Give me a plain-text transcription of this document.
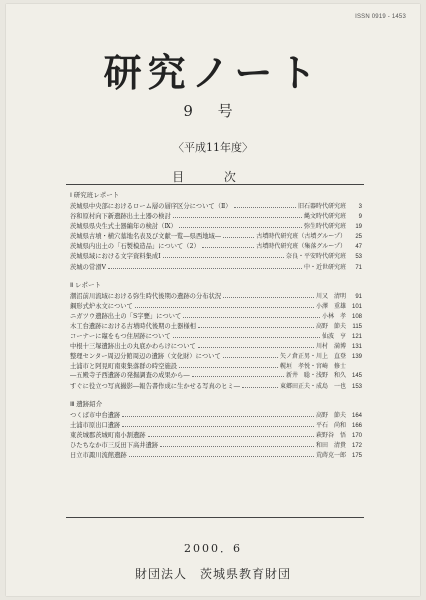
ISSN 0919 - 1453
研究ノート
9 号
〈平成11年度〉
目 次
Ⅰ 研究班レポート
茨城県中央部におけるローム層の層序区分について（Ⅱ）	旧石器時代研究班	3
谷和原村向下新遺跡出土土器の検討	縄文時代研究班	9
茨城県県央生式土器編年の検討（Ⅸ）	弥生時代研究班	19
茨城県古墳・横穴墓地名表及び文献一覧―県西地域―	古墳時代研究班（古墳グループ）	25
茨城県内出土の「石製模造品」について（2）	古墳時代研究班（集落グループ）	47
茨城県域における文字資料集成Ⅰ	奈良・平安時代研究班	53
茨城の常滑Ⅴ	中・近世研究班	71
Ⅱ レポート
潮沼前川流域における弥生時代後期の遺跡の分布状況	川又　清明	91
鋼形式炉永文について	小澤　重雄 101
ニガツウ遺跡出土の「S字甕」について	小林　孝 108
木工台遺跡における古墳時代後期の土器様相	高野　節夫	115
コーナーに竈をもつ住居跡について	仙波　亨 121
中根十三塚遺跡出土の丸底かわらけについて	川村　満博 131
整理センター周辺分館周辺の遺跡（文化財）について	矢ノ倉正男・川上　直登 139
土浦市と阿見町南東集落群の時空施設	幌垣　孝悦・宮崎　修士
―五殿寺子西遺跡の発掘調査の成果から―	新井　聡・浅野　和久 145
すぐに役立つ写真撮影―報告書作成に生かせる写真のヒミ―	東郷田正夫・成島　一也 153
Ⅲ 遺跡紹介
つくば市中台遺跡	高野　節夫 164
土浦市原出口遺跡	平石　尚和 166
東茨城郡茨城町南小割遺跡	萩野谷　悟 170
ひたちなか市三反田下高井遺跡	和田　清貴 172
日立市諏川流館遺跡	荒蒔克一郎 175
2000．6
財団法人　茨城県教育財団
